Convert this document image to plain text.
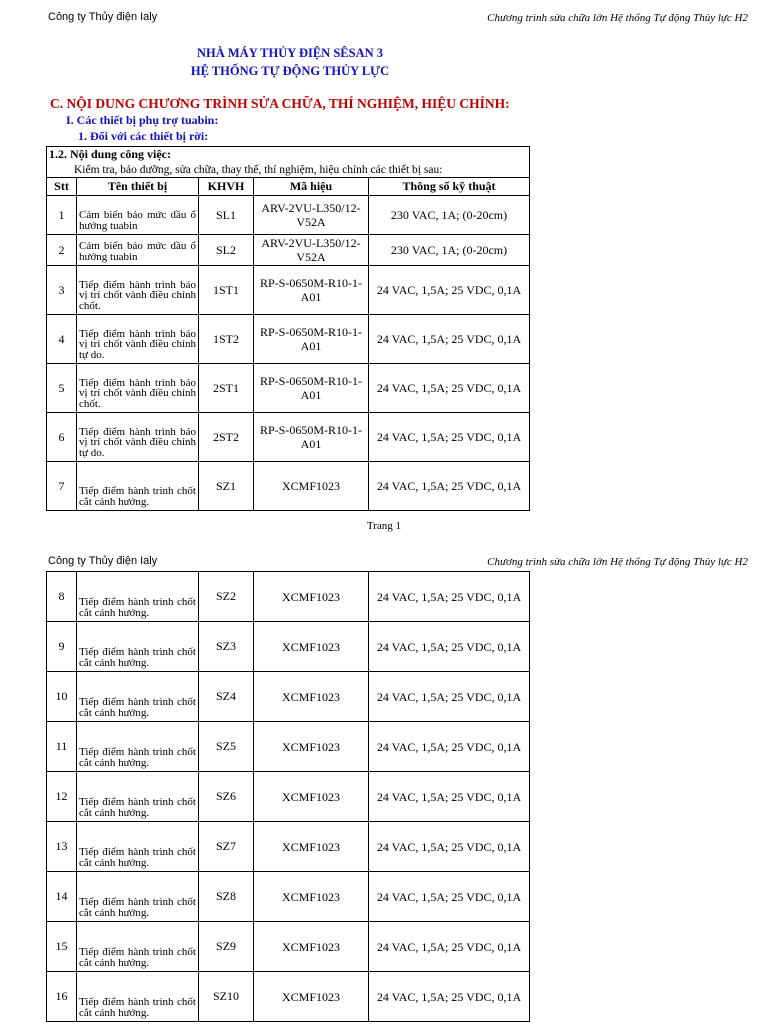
Công ty Thủy điện Ialy	Chương trình sửa chữa lớn Hệ thống Tự động Thủy lực H2
NHÀ MÁY THỦY ĐIỆN SÊSAN 3
HỆ THỐNG TỰ ĐỘNG THỦY LỰC
C. NỘI DUNG CHƯƠNG TRÌNH SỬA CHỮA, THÍ NGHIỆM, HIỆU CHỈNH:
I. Các thiết bị phụ trợ tuabin:
1. Đối với các thiết bị rời:
1.2. Nội dung công việc:				
Kiểm tra, bảo dưỡng, sửa chữa, thay thế, thí nghiệm, hiệu chỉnh các thiết bị sau:				
Stt	Tên thiết bị	KHVH	Mã hiệu	Thông số kỹ thuật
1	Cảm biến báo mức dầu ổ hướng tuabin	SL1	ARV-2VU-L350/12-V52A	230 VAC, 1A; (0-20cm)
2	Cảm biến báo mức dầu ổ hướng tuabin	SL2	ARV-2VU-L350/12-V52A	230 VAC, 1A; (0-20cm)
3	Tiếp điểm hành trình báo vị trí chốt vành điều chỉnh chốt.	1ST1	RP-S-0650M-R10-1-A01	24 VAC, 1,5A; 25 VDC, 0,1A
4	Tiếp điểm hành trình báo vị trí chốt vành điều chỉnh tự do.	1ST2	RP-S-0650M-R10-1-A01	24 VAC, 1,5A; 25 VDC, 0,1A
5	Tiếp điểm hành trình báo vị trí chốt vành điều chỉnh chốt.	2ST1	RP-S-0650M-R10-1-A01	24 VAC, 1,5A; 25 VDC, 0,1A
6	Tiếp điểm hành trình báo vị trí chốt vành điều chỉnh tự do.	2ST2	RP-S-0650M-R10-1-A01	24 VAC, 1,5A; 25 VDC, 0,1A
7	Tiếp điểm hành trình chốt cắt cánh hướng.	SZ1	XCMF1023	24 VAC, 1,5A; 25 VDC, 0,1A
Trang 1
Công ty Thủy điện Ialy	Chương trình sửa chữa lớn Hệ thống Tự động Thủy lực H2
8	Tiếp điểm hành trình chốt cắt cánh hướng.	SZ2	XCMF1023	24 VAC, 1,5A; 25 VDC, 0,1A
9	Tiếp điểm hành trình chốt cắt cánh hướng.	SZ3	XCMF1023	24 VAC, 1,5A; 25 VDC, 0,1A
10	Tiếp điểm hành trình chốt cắt cánh hướng.	SZ4	XCMF1023	24 VAC, 1,5A; 25 VDC, 0,1A
11	Tiếp điểm hành trình chốt cắt cánh hướng.	SZ5	XCMF1023	24 VAC, 1,5A; 25 VDC, 0,1A
12	Tiếp điểm hành trình chốt cắt cánh hướng.	SZ6	XCMF1023	24 VAC, 1,5A; 25 VDC, 0,1A
13	Tiếp điểm hành trình chốt cắt cánh hướng.	SZ7	XCMF1023	24 VAC, 1,5A; 25 VDC, 0,1A
14	Tiếp điểm hành trình chốt cắt cánh hướng.	SZ8	XCMF1023	24 VAC, 1,5A; 25 VDC, 0,1A
15	Tiếp điểm hành trình chốt cắt cánh hướng.	SZ9	XCMF1023	24 VAC, 1,5A; 25 VDC, 0,1A
16	Tiếp điểm hành trình chốt cắt cánh hướng.	SZ10	XCMF1023	24 VAC, 1,5A; 25 VDC, 0,1A
